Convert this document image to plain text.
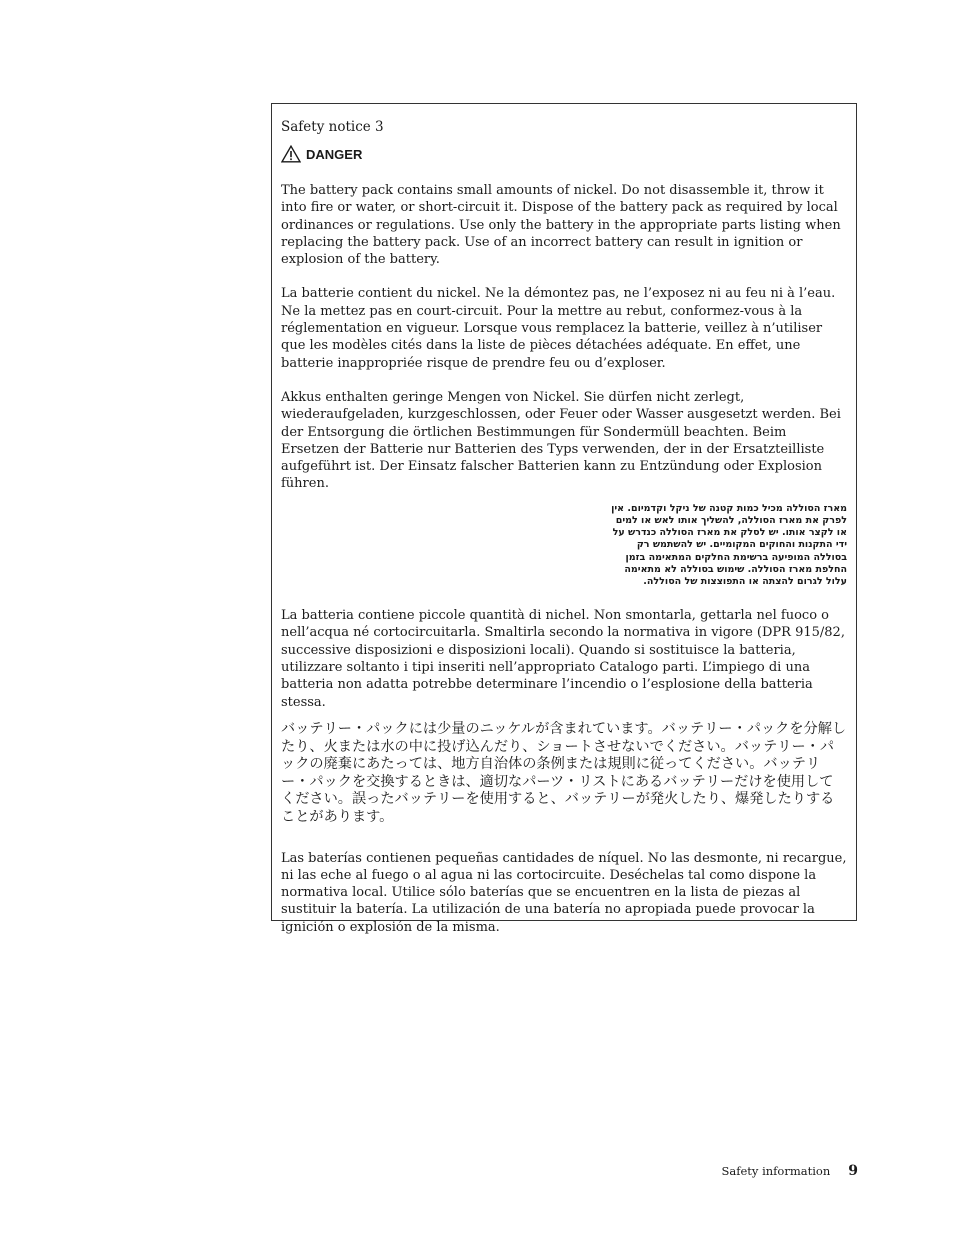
Safety notice 3
DANGER

The battery pack contains small amounts of nickel. Do not disassemble it, throw it into fire or water, or short-circuit it. Dispose of the battery pack as required by local ordinances or regulations. Use only the battery in the appropriate parts listing when replacing the battery pack. Use of an incorrect battery can result in ignition or explosion of the battery.

La batterie contient du nickel. Ne la démontez pas, ne l’exposez ni au feu ni à l’eau. Ne la mettez pas en court-circuit. Pour la mettre au rebut, conformez-vous à la réglementation en vigueur. Lorsque vous remplacez la batterie, veillez à n’utiliser que les modèles cités dans la liste de pièces détachées adéquate. En effet, une batterie inappropriée risque de prendre feu ou d’exploser.

Akkus enthalten geringe Mengen von Nickel. Sie dürfen nicht zerlegt, wiederaufgeladen, kurzgeschlossen, oder Feuer oder Wasser ausgesetzt werden. Bei der Entsorgung die örtlichen Bestimmungen für Sondermüll beachten. Beim Ersetzen der Batterie nur Batterien des Typs verwenden, der in der Ersatzteilliste aufgeführt ist. Der Einsatz falscher Batterien kann zu Entzündung oder Explosion führen.

מארז הסוללה מכיל כמות קטנה של ניקל וקדמיום. אין לפרק את מארז הסוללה, להשליך אותו לאש או למים או לקצר אותו. יש לסלק את מארז הסוללה כנדרש על ידי התקנות והחוקים המקומיים. יש להשתמש רק בסוללה המופיעה ברשימת החלקים המתאימה בזמן החלפת מארז הסוללה. שימוש בסוללה לא מתאימה עלול לגרום להצתה או התפוצצות של הסוללה.

La batteria contiene piccole quantità di nichel. Non smontarla, gettarla nel fuoco o nell’acqua né cortocircuitarla. Smaltirla secondo la normativa in vigore (DPR 915/82, successive disposizioni e disposizioni locali). Quando si sostituisce la batteria, utilizzare soltanto i tipi inseriti nell’appropriato Catalogo parti. L’impiego di una batteria non adatta potrebbe determinare l’incendio o l’esplosione della batteria stessa.

バッテリー・パックには少量のニッケルが含まれています。バッテリー・パックを分解したり、火または水の中に投げ込んだり、ショートさせないでください。バッテリー・パックの廃棄にあたっては、地方自治体の条例または規則に従ってください。バッテリー・パックを交換するときは、適切なパーツ・リストにあるバッテリーだけを使用してください。誤ったバッテリーを使用すると、バッテリーが発火したり、爆発したりすることがあります。

Las baterías contienen pequeñas cantidades de níquel. No las desmonte, ni recargue, ni las eche al fuego o al agua ni las cortocircuite. Deséchelas tal como dispone la normativa local. Utilice sólo baterías que se encuentren en la lista de piezas al sustituir la batería. La utilización de una batería no apropiada puede provocar la ignición o explosión de la misma.

Safety information 9
